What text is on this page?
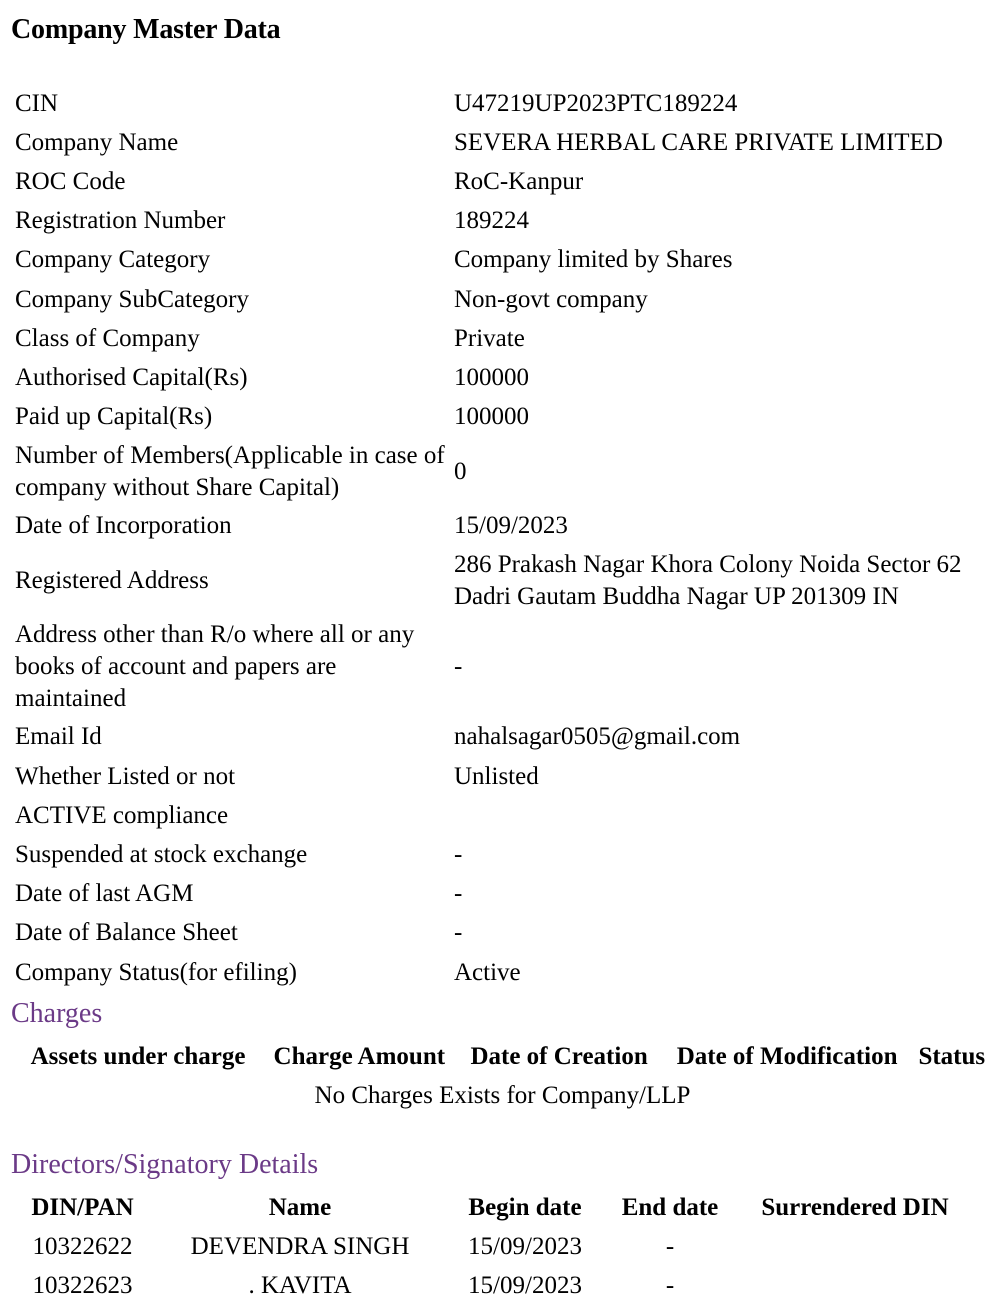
Company Master Data
CIN	U47219UP2023PTC189224
Company Name	SEVERA HERBAL CARE PRIVATE LIMITED
ROC Code	RoC-Kanpur
Registration Number	189224
Company Category	Company limited by Shares
Company SubCategory	Non-govt company
Class of Company	Private
Authorised Capital(Rs)	100000
Paid up Capital(Rs)	100000
Number of Members(Applicable in case of company without Share Capital)	0
Date of Incorporation	15/09/2023
Registered Address	286 Prakash Nagar Khora Colony Noida Sector 62 Dadri Gautam Buddha Nagar UP 201309 IN
Address other than R/o where all or any books of account and papers are maintained	-
Email Id	nahalsagar0505@gmail.com
Whether Listed or not	Unlisted
ACTIVE compliance	
Suspended at stock exchange	-
Date of last AGM	-
Date of Balance Sheet	-
Company Status(for efiling)	Active
Charges
Assets under charge	Charge Amount	Date of Creation	Date of Modification	Status
No Charges Exists for Company/LLP
Directors/Signatory Details
DIN/PAN	Name	Begin date	End date	Surrendered DIN
10322622	DEVENDRA SINGH	15/09/2023	-	
10322623	. KAVITA	15/09/2023	-	
